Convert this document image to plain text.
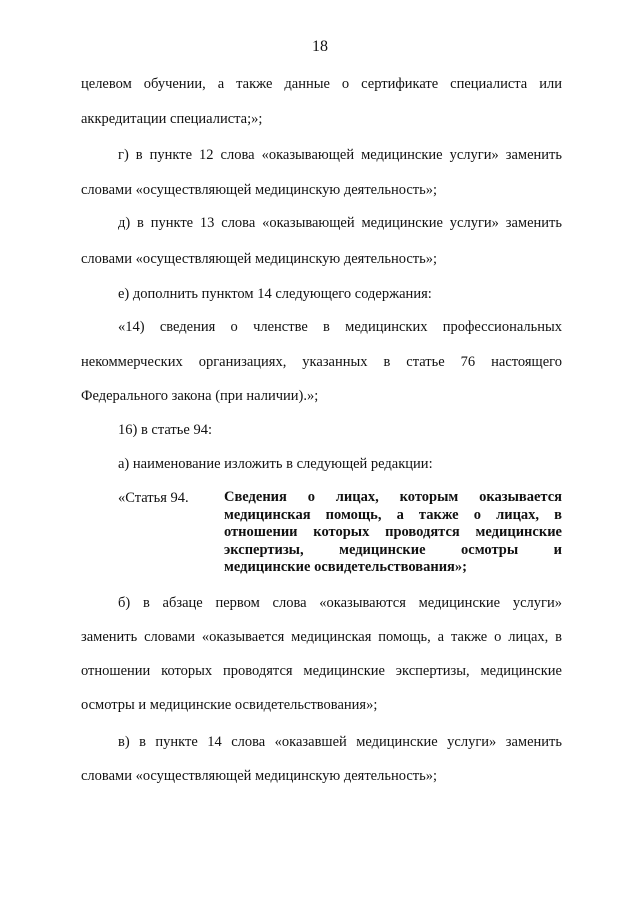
18
целевом обучении, а также данные о сертификате специалиста или
аккредитации специалиста;»;
г) в пункте 12 слова «оказывающей медицинские услуги» заменить
словами «осуществляющей медицинскую деятельность»;
д) в пункте 13 слова «оказывающей медицинские услуги» заменить
словами «осуществляющей медицинскую деятельность»;
е) дополнить пунктом 14 следующего содержания:
«14) сведения о членстве в медицинских профессиональных
некоммерческих организациях, указанных в статье 76 настоящего
Федерального закона (при наличии).»;
16) в статье 94:
а) наименование изложить в следующей редакции:
«Статья 94. Сведения о лицах, которым оказывается
медицинская помощь, а также о лицах, в
отношении которых проводятся медицинские
экспертизы, медицинские осмотры и
медицинские освидетельствования»;
б) в абзаце первом слова «оказываются медицинские услуги»
заменить словами «оказывается медицинская помощь, а также о лицах, в
отношении которых проводятся медицинские экспертизы, медицинские
осмотры и медицинские освидетельствования»;
в) в пункте 14 слова «оказавшей медицинские услуги» заменить
словами «осуществляющей медицинскую деятельность»;
